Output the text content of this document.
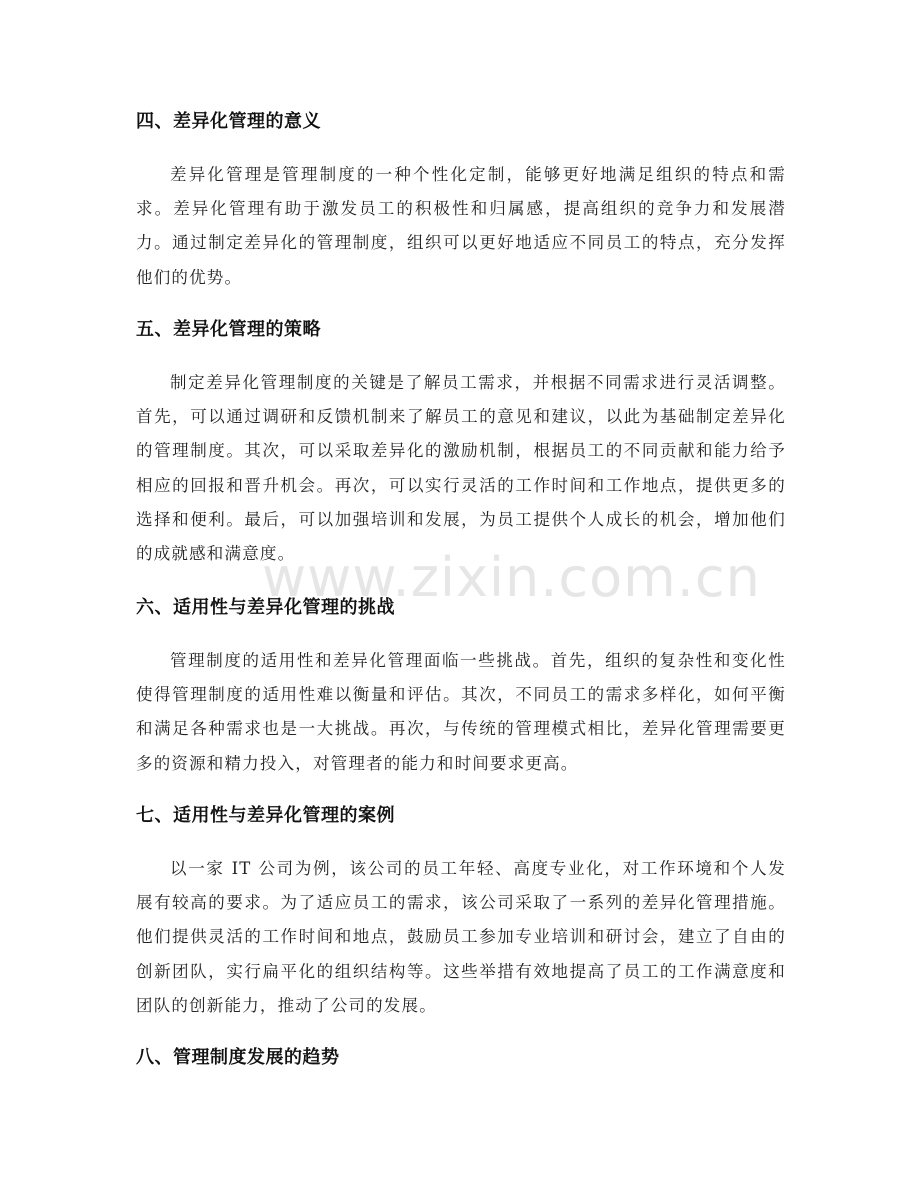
四、差异化管理的意义

差异化管理是管理制度的一种个性化定制，能够更好地满足组织的特点和需求。差异化管理有助于激发员工的积极性和归属感，提高组织的竞争力和发展潜力。通过制定差异化的管理制度，组织可以更好地适应不同员工的特点，充分发挥他们的优势。

五、差异化管理的策略

制定差异化管理制度的关键是了解员工需求，并根据不同需求进行灵活调整。首先，可以通过调研和反馈机制来了解员工的意见和建议，以此为基础制定差异化的管理制度。其次，可以采取差异化的激励机制，根据员工的不同贡献和能力给予相应的回报和晋升机会。再次，可以实行灵活的工作时间和工作地点，提供更多的选择和便利。最后，可以加强培训和发展，为员工提供个人成长的机会，增加他们的成就感和满意度。

六、适用性与差异化管理的挑战

管理制度的适用性和差异化管理面临一些挑战。首先，组织的复杂性和变化性使得管理制度的适用性难以衡量和评估。其次，不同员工的需求多样化，如何平衡和满足各种需求也是一大挑战。再次，与传统的管理模式相比，差异化管理需要更多的资源和精力投入，对管理者的能力和时间要求更高。

七、适用性与差异化管理的案例

以一家 IT 公司为例，该公司的员工年轻、高度专业化，对工作环境和个人发展有较高的要求。为了适应员工的需求，该公司采取了一系列的差异化管理措施。他们提供灵活的工作时间和地点，鼓励员工参加专业培训和研讨会，建立了自由的创新团队，实行扁平化的组织结构等。这些举措有效地提高了员工的工作满意度和团队的创新能力，推动了公司的发展。

八、管理制度发展的趋势
www.zixin.com.cn
